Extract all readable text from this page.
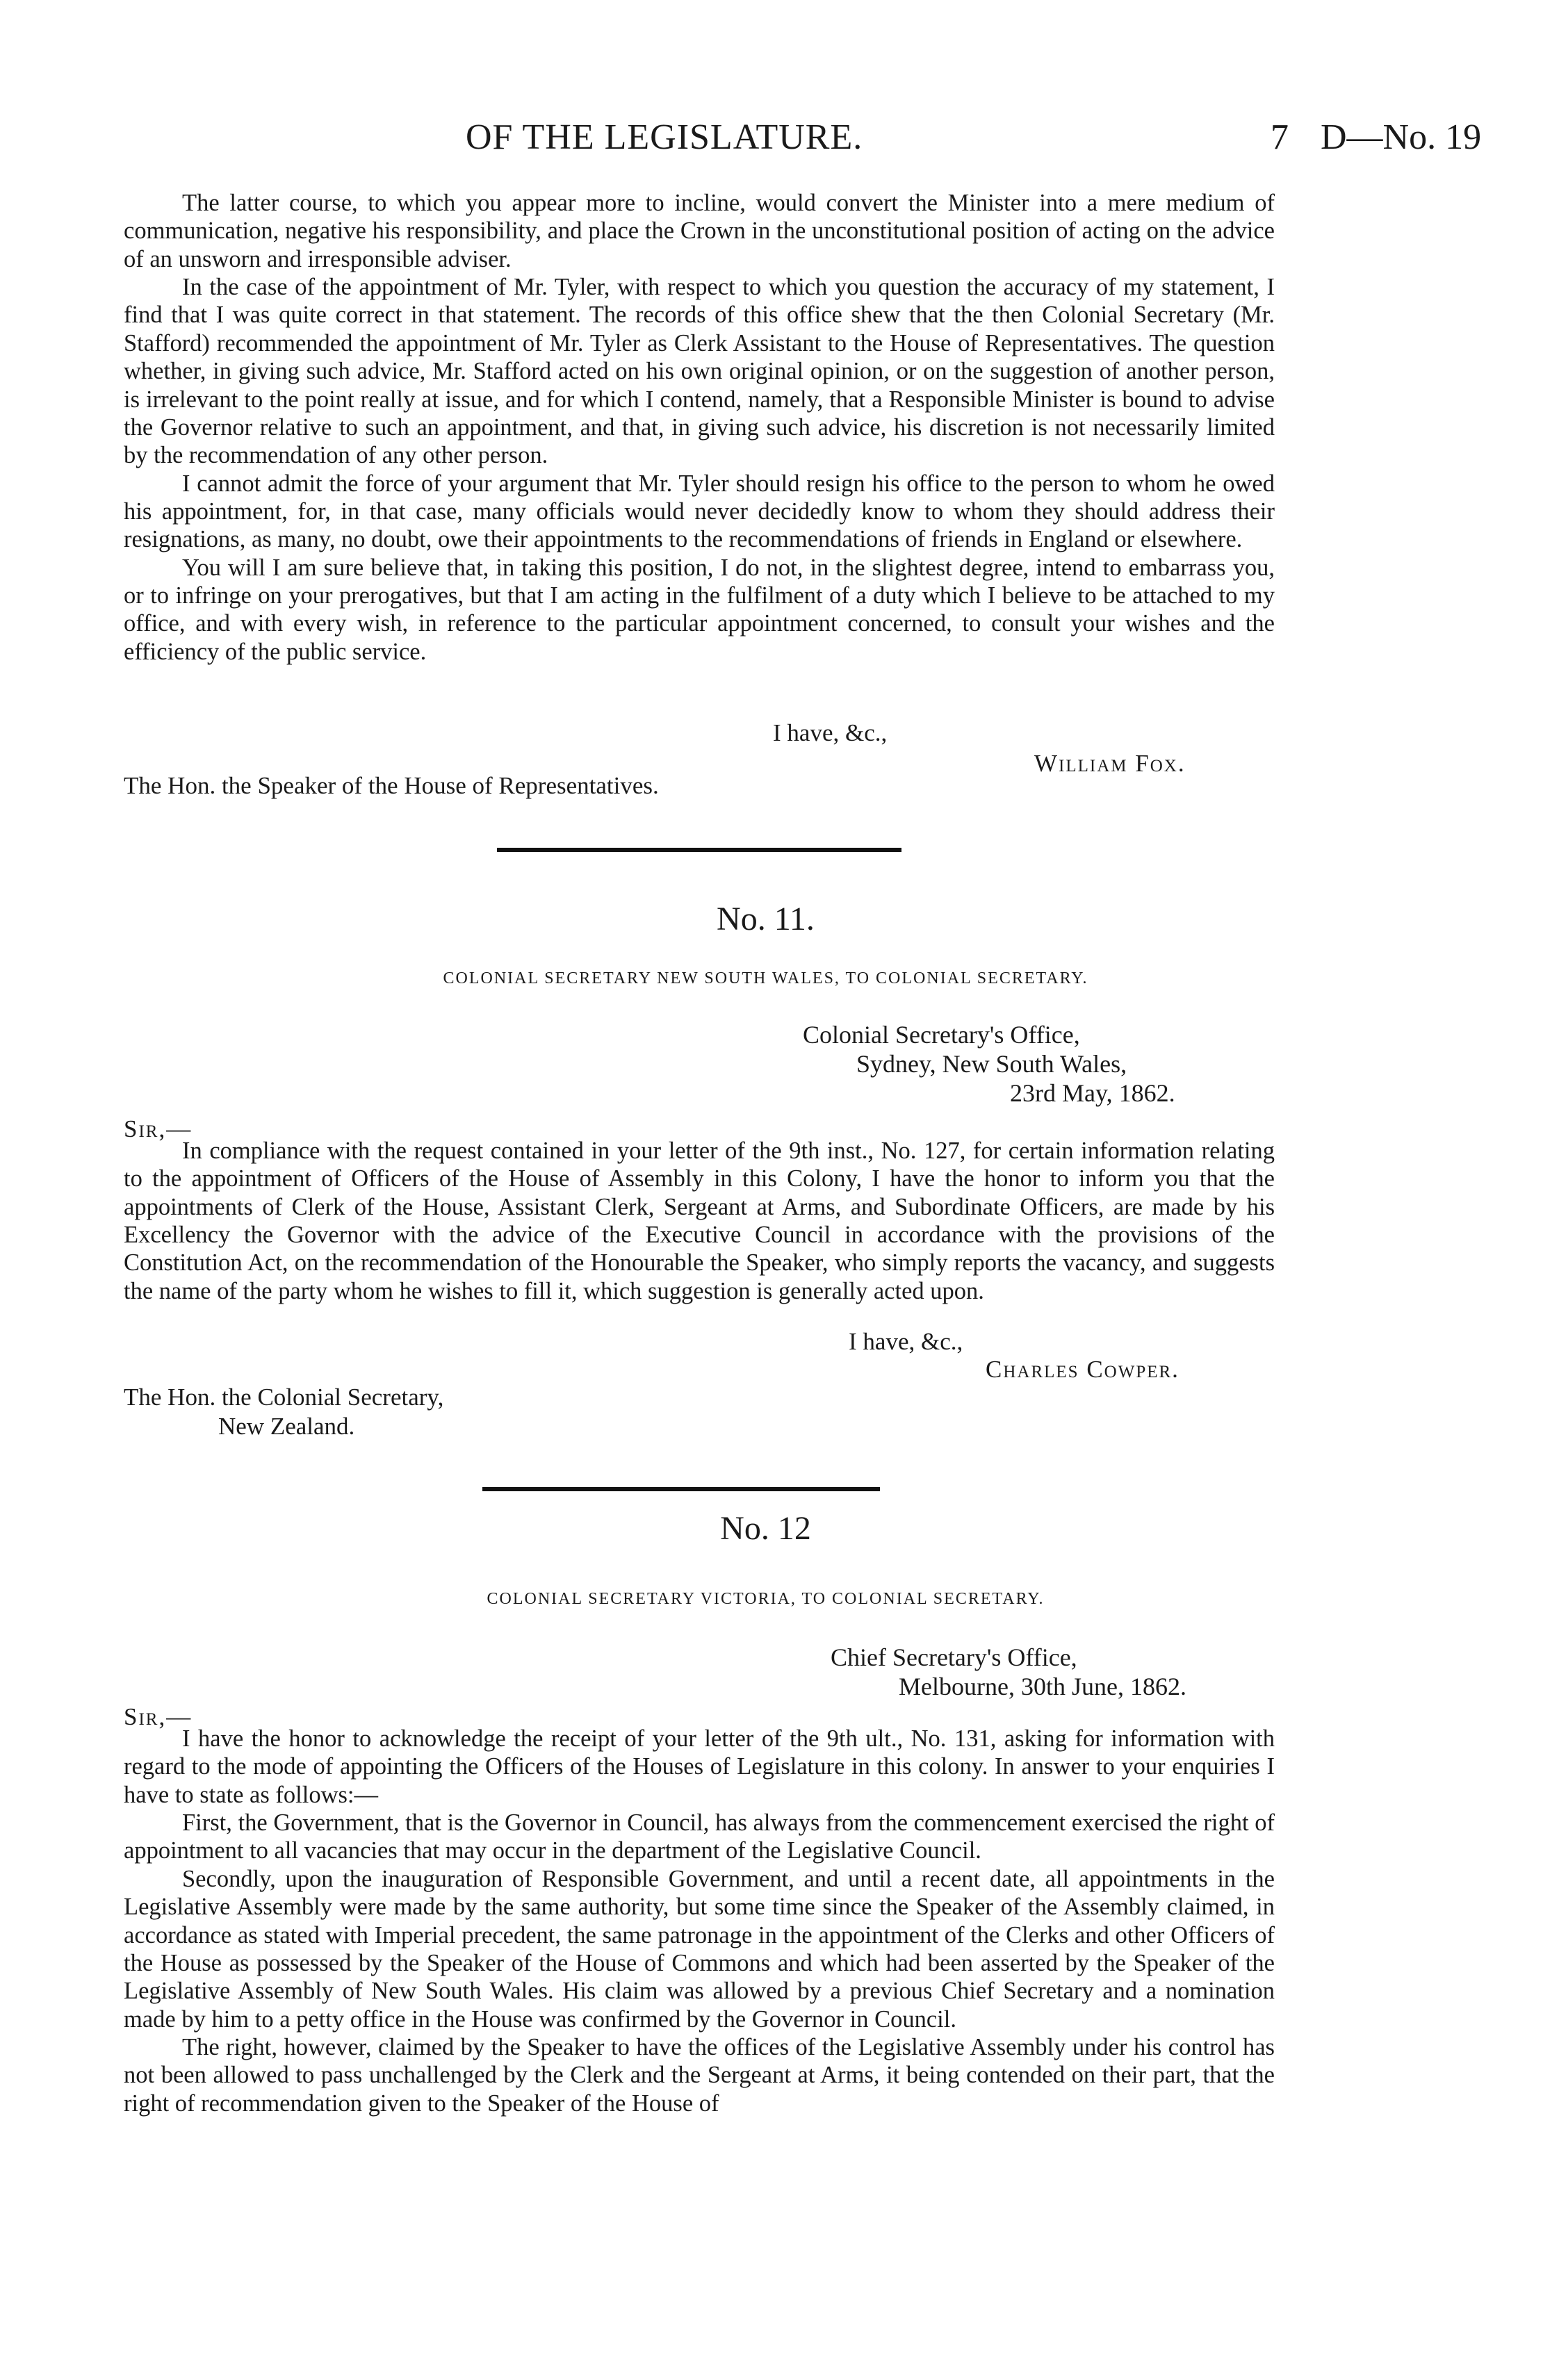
OF THE LEGISLATURE.	7 D—No. 19

The latter course, to which you appear more to incline, would convert the Minister into a mere medium of communication, negative his responsibility, and place the Crown in the unconstitutional position of acting on the advice of an unsworn and irresponsible adviser.

In the case of the appointment of Mr. Tyler, with respect to which you question the accuracy of my statement, I find that I was quite correct in that statement. The records of this office shew that the then Colonial Secretary (Mr. Stafford) recommended the appointment of Mr. Tyler as Clerk Assistant to the House of Representatives. The question whether, in giving such advice, Mr. Stafford acted on his own original opinion, or on the suggestion of another person, is irrelevant to the point really at issue, and for which I contend, namely, that a Responsible Minister is bound to advise the Governor relative to such an appointment, and that, in giving such advice, his discretion is not necessarily limited by the recommendation of any other person.

I cannot admit the force of your argument that Mr. Tyler should resign his office to the person to whom he owed his appointment, for, in that case, many officials would never decidedly know to whom they should address their resignations, as many, no doubt, owe their appointments to the recommendations of friends in England or elsewhere.

You will I am sure believe that, in taking this position, I do not, in the slightest degree, intend to embarrass you, or to infringe on your prerogatives, but that I am acting in the fulfilment of a duty which I believe to be attached to my office, and with every wish, in reference to the particular appointment concerned, to consult your wishes and the efficiency of the public service.

I have, &c.,
William Fox.
The Hon. the Speaker of the House of Representatives.
No. 11.
COLONIAL SECRETARY NEW SOUTH WALES, TO COLONIAL SECRETARY.
Colonial Secretary's Office,
Sydney, New South Wales,
23rd May, 1862.
Sir,—

In compliance with the request contained in your letter of the 9th inst., No. 127, for certain information relating to the appointment of Officers of the House of Assembly in this Colony, I have the honor to inform you that the appointments of Clerk of the House, Assistant Clerk, Sergeant at Arms, and Subordinate Officers, are made by his Excellency the Governor with the advice of the Executive Council in accordance with the provisions of the Constitution Act, on the recommendation of the Honourable the Speaker, who simply reports the vacancy, and suggests the name of the party whom he wishes to fill it, which suggestion is generally acted upon.

I have, &c.,
Charles Cowper.
The Hon. the Colonial Secretary,
New Zealand.
No. 12
COLONIAL SECRETARY VICTORIA, TO COLONIAL SECRETARY.
Chief Secretary's Office,
Melbourne, 30th June, 1862.
Sir,—

I have the honor to acknowledge the receipt of your letter of the 9th ult., No. 131, asking for information with regard to the mode of appointing the Officers of the Houses of Legislature in this colony. In answer to your enquiries I have to state as follows:—

First, the Government, that is the Governor in Council, has always from the commencement exercised the right of appointment to all vacancies that may occur in the department of the Legislative Council.

Secondly, upon the inauguration of Responsible Government, and until a recent date, all appointments in the Legislative Assembly were made by the same authority, but some time since the Speaker of the Assembly claimed, in accordance as stated with Imperial precedent, the same patronage in the appointment of the Clerks and other Officers of the House as possessed by the Speaker of the House of Commons and which had been asserted by the Speaker of the Legislative Assembly of New South Wales. His claim was allowed by a previous Chief Secretary and a nomination made by him to a petty office in the House was confirmed by the Governor in Council.

The right, however, claimed by the Speaker to have the offices of the Legislative Assembly under his control has not been allowed to pass unchallenged by the Clerk and the Sergeant at Arms, it being contended on their part, that the right of recommendation given to the Speaker of the House of
